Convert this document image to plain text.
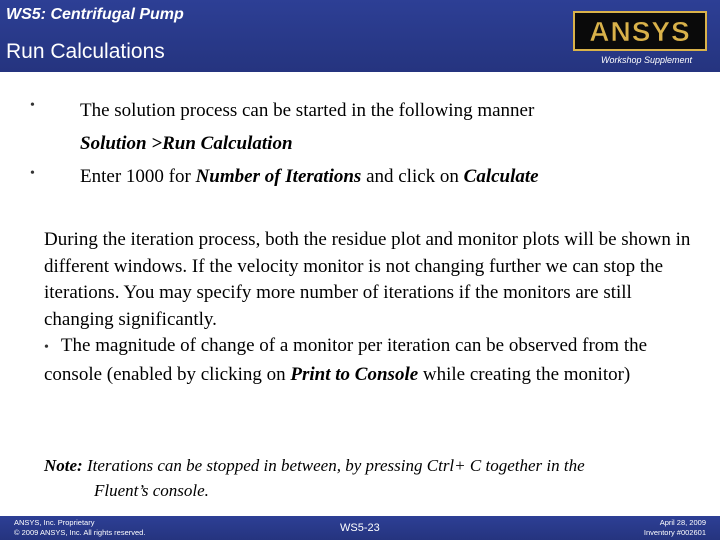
WS5: Centrifugal Pump
Run Calculations
ANSYS
Workshop Supplement
• The solution process can be started in the following manner
Solution >Run Calculation
• Enter 1000 for Number of Iterations and click on Calculate
During the iteration process, both the residue plot and monitor plots will be shown in different windows. If the velocity monitor is not changing further we can stop the iterations. You may specify more number of iterations if the monitors are still changing significantly.
• The magnitude of change of a monitor per iteration can be observed from the console (enabled by clicking on Print to Console while creating the monitor)
Note: Iterations can be stopped in between, by pressing Ctrl+ C together in the
Fluent’s console.
ANSYS, Inc. Proprietary
© 2009 ANSYS, Inc. All rights reserved.	WS5-23	April 28, 2009
Inventory #002601
